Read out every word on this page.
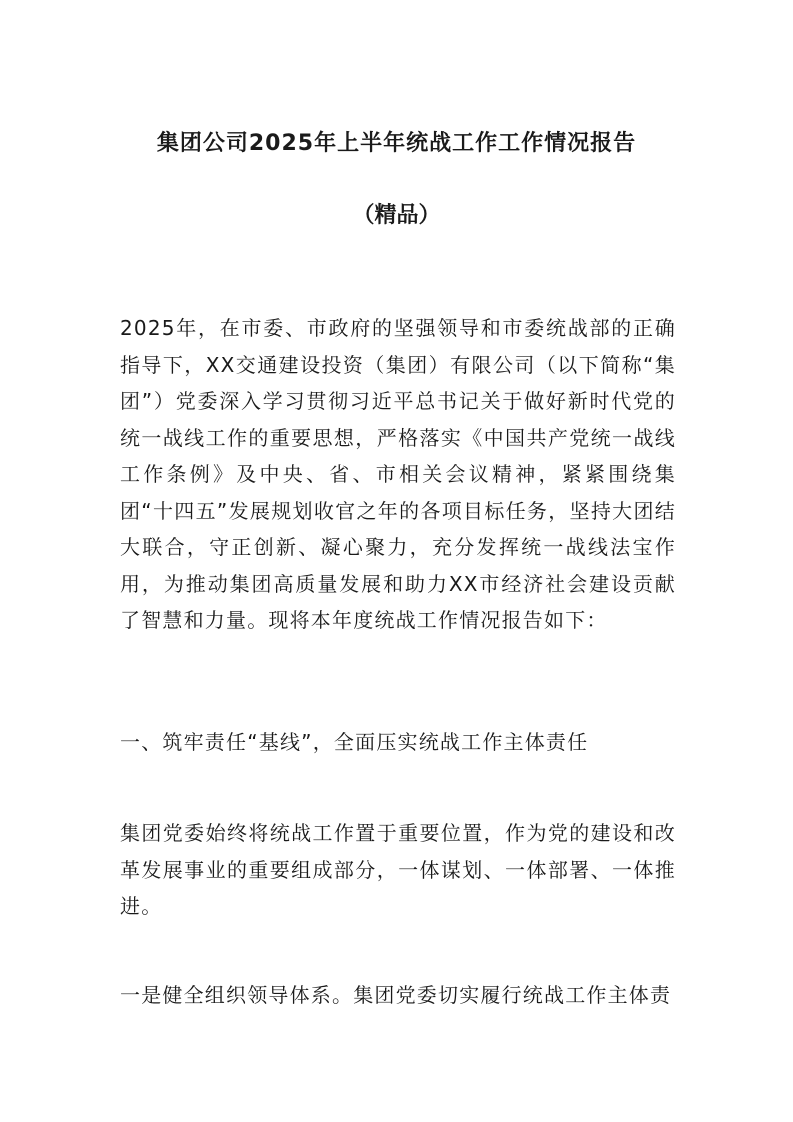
集团公司2025年上半年统战工作工作情况报告
（精品）

2025年，在市委、市政府的坚强领导和市委统战部的正确指导下，XX交通建设投资（集团）有限公司（以下简称“集团”）党委深入学习贯彻习近平总书记关于做好新时代党的统一战线工作的重要思想，严格落实《中国共产党统一战线工作条例》及中央、省、市相关会议精神，紧紧围绕集团“十四五”发展规划收官之年的各项目标任务，坚持大团结大联合，守正创新、凝心聚力，充分发挥统一战线法宝作用，为推动集团高质量发展和助力XX市经济社会建设贡献了智慧和力量。现将本年度统战工作情况报告如下：

一、筑牢责任“基线”，全面压实统战工作主体责任

集团党委始终将统战工作置于重要位置，作为党的建设和改革发展事业的重要组成部分，一体谋划、一体部署、一体推进。

一是健全组织领导体系。集团党委切实履行统战工作主体责
